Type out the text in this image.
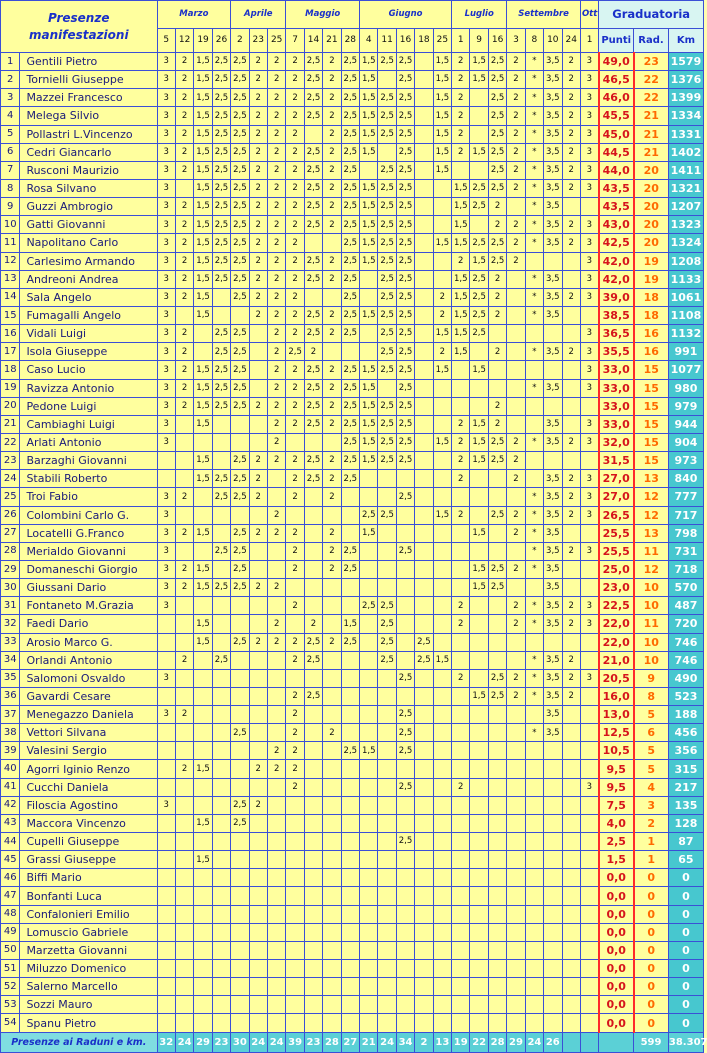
Presenze
manifestazioni		Marzo				Aprile			Maggio				Giugno					Luglio			Settembre				Ott	Graduatoria		
		5	12	19	26	2	23	25	7	14	21	28	4	11	16	18	25	1	9	16	3	8	10	24	1	Punti	Rad.	Km
1	Gentili Pietro	3	2	1,5	2,5	2,5	2	2	2	2,5	2	2,5	1,5	2,5	2,5		1,5	2	1,5	2,5	2	*	3,5	2	3	49,0	23	1579
2	Tornielli Giuseppe	3	2	1,5	2,5	2,5	2	2	2	2,5	2	2,5	1,5		2,5		1,5	2	1,5	2,5	2	*	3,5	2	3	46,5	22	1376
3	Mazzei Francesco	3	2	1,5	2,5	2,5	2	2	2	2,5	2	2,5	1,5	2,5	2,5		1,5	2		2,5	2	*	3,5	2	3	46,0	22	1399
4	Melega Silvio	3	2	1,5	2,5	2,5	2	2	2	2,5	2	2,5	1,5	2,5	2,5		1,5	2		2,5	2	*	3,5	2	3	45,5	21	1334
5	Pollastri L.Vincenzo	3	2	1,5	2,5	2,5	2	2	2		2	2,5	1,5	2,5	2,5		1,5	2		2,5	2	*	3,5	2	3	45,0	21	1331
6	Cedri Giancarlo	3	2	1,5	2,5	2,5	2	2	2	2,5	2	2,5	1,5		2,5		1,5	2	1,5	2,5	2	*	3,5	2	3	44,5	21	1402
7	Rusconi Maurizio	3	2	1,5	2,5	2,5	2	2	2	2,5	2	2,5		2,5	2,5		1,5			2,5	2	*	3,5	2	3	44,0	20	1411
8	Rosa Silvano	3		1,5	2,5	2,5	2	2	2	2,5	2	2,5	1,5	2,5	2,5			1,5	2,5	2,5	2	*	3,5	2	3	43,5	20	1321
9	Guzzi Ambrogio	3	2	1,5	2,5	2,5	2	2	2	2,5	2	2,5	1,5	2,5	2,5			1,5	2,5	2		*	3,5			43,5	20	1207
10	Gatti Giovanni	3	2	1,5	2,5	2,5	2	2	2	2,5	2	2,5	1,5	2,5	2,5			1,5		2	2	*	3,5	2	3	43,0	20	1323
11	Napolitano Carlo	3	2	1,5	2,5	2,5	2	2	2			2,5	1,5	2,5	2,5		1,5	1,5	2,5	2,5	2	*	3,5	2	3	42,5	20	1324
12	Carlesimo Armando	3	2	1,5	2,5	2,5	2	2	2	2,5	2	2,5	1,5	2,5	2,5			2	1,5	2,5	2				3	42,0	19	1208
13	Andreoni Andrea	3	2	1,5	2,5	2,5	2	2	2	2,5	2	2,5		2,5	2,5			1,5	2,5	2		*	3,5		3	42,0	19	1133
14	Sala Angelo	3	2	1,5		2,5	2	2	2			2,5		2,5	2,5		2	1,5	2,5	2		*	3,5	2	3	39,0	18	1061
15	Fumagalli Angelo	3		1,5			2	2	2	2,5	2	2,5	1,5	2,5	2,5		2	1,5	2,5	2		*	3,5			38,5	18	1108
16	Vidali Luigi	3	2		2,5	2,5		2	2	2,5	2	2,5		2,5	2,5		1,5	1,5	2,5						3	36,5	16	1132
17	Isola Giuseppe	3	2		2,5	2,5		2	2,5	2				2,5	2,5		2	1,5		2		*	3,5	2	3	35,5	16	991
18	Caso Lucio	3	2	1,5	2,5	2,5		2	2	2,5	2	2,5	1,5	2,5	2,5		1,5		1,5						3	33,0	15	1077
19	Ravizza Antonio	3	2	1,5	2,5	2,5		2	2	2,5	2	2,5	1,5		2,5							*	3,5		3	33,0	15	980
20	Pedone Luigi	3	2	1,5	2,5	2,5	2	2	2	2,5	2	2,5	1,5	2,5	2,5					2						33,0	15	979
21	Cambiaghi Luigi	3		1,5				2	2	2,5	2	2,5	1,5	2,5	2,5			2	1,5	2			3,5		3	33,0	15	944
22	Arlati Antonio	3						2				2,5	1,5	2,5	2,5		1,5	2	1,5	2,5	2	*	3,5	2	3	32,0	15	904
23	Barzaghi Giovanni			1,5		2,5	2	2	2	2,5	2	2,5	1,5	2,5	2,5			2	1,5	2,5	2					31,5	15	973
24	Stabili Roberto			1,5	2,5	2,5	2		2	2,5	2	2,5						2			2		3,5	2	3	27,0	13	840
25	Troi Fabio	3	2		2,5	2,5	2		2		2				2,5							*	3,5	2	3	27,0	12	777
26	Colombini Carlo G.	3						2					2,5	2,5			1,5	2		2,5	2	*	3,5	2	3	26,5	12	717
27	Locatelli G.Franco	3	2	1,5		2,5	2	2	2		2		1,5						1,5		2	*	3,5			25,5	13	798
28	Merialdo Giovanni	3			2,5	2,5			2		2	2,5			2,5							*	3,5	2	3	25,5	11	731
29	Domaneschi Giorgio	3	2	1,5		2,5			2		2	2,5							1,5	2,5	2	*	3,5			25,0	12	718
30	Giussani Dario	3	2	1,5	2,5	2,5	2	2											1,5	2,5			3,5			23,0	10	570
31	Fontaneto M.Grazia	3							2				2,5	2,5				2			2	*	3,5	2	3	22,5	10	487
32	Faedi Dario			1,5				2		2		1,5		2,5				2			2	*	3,5	2	3	22,0	11	720
33	Arosio Marco G.			1,5		2,5	2	2	2	2,5	2	2,5		2,5		2,5										22,0	10	746
34	Orlandi Antonio		2		2,5				2	2,5				2,5		2,5	1,5					*	3,5	2		21,0	10	746
35	Salomoni Osvaldo	3													2,5			2		2,5	2	*	3,5	2	3	20,5	9	490
36	Gavardi Cesare								2	2,5									1,5	2,5	2	*	3,5	2		16,0	8	523
37	Menegazzo Daniela	3	2						2						2,5								3,5			13,0	5	188
38	Vettori Silvana					2,5			2		2				2,5							*	3,5			12,5	6	456
39	Valesini Sergio							2	2			2,5	1,5		2,5											10,5	5	356
40	Agorri Iginio Renzo		2	1,5			2	2	2																	9,5	5	315
41	Cucchi Daniela								2						2,5			2							3	9,5	4	217
42	Filoscia Agostino	3				2,5	2																			7,5	3	135
43	Maccora Vincenzo			1,5		2,5																				4,0	2	128
44	Cupelli Giuseppe														2,5											2,5	1	87
45	Grassi Giuseppe			1,5																						1,5	1	65
46	Biffi Mario																									0,0	0	0
47	Bonfanti Luca																									0,0	0	0
48	Confalonieri Emilio																									0,0	0	0
49	Lomuscio Gabriele																									0,0	0	0
50	Marzetta Giovanni																									0,0	0	0
51	Miluzzo Domenico																									0,0	0	0
52	Salerno Marcello																									0,0	0	0
53	Sozzi Mauro																									0,0	0	0
54	Spanu Pietro																									0,0	0	0
Presenze ai Raduni e km.		32	24	29	23	30	24	24	39	23	28	27	21	24	34	2	13	19	22	28	29	24	26				599	38.307
